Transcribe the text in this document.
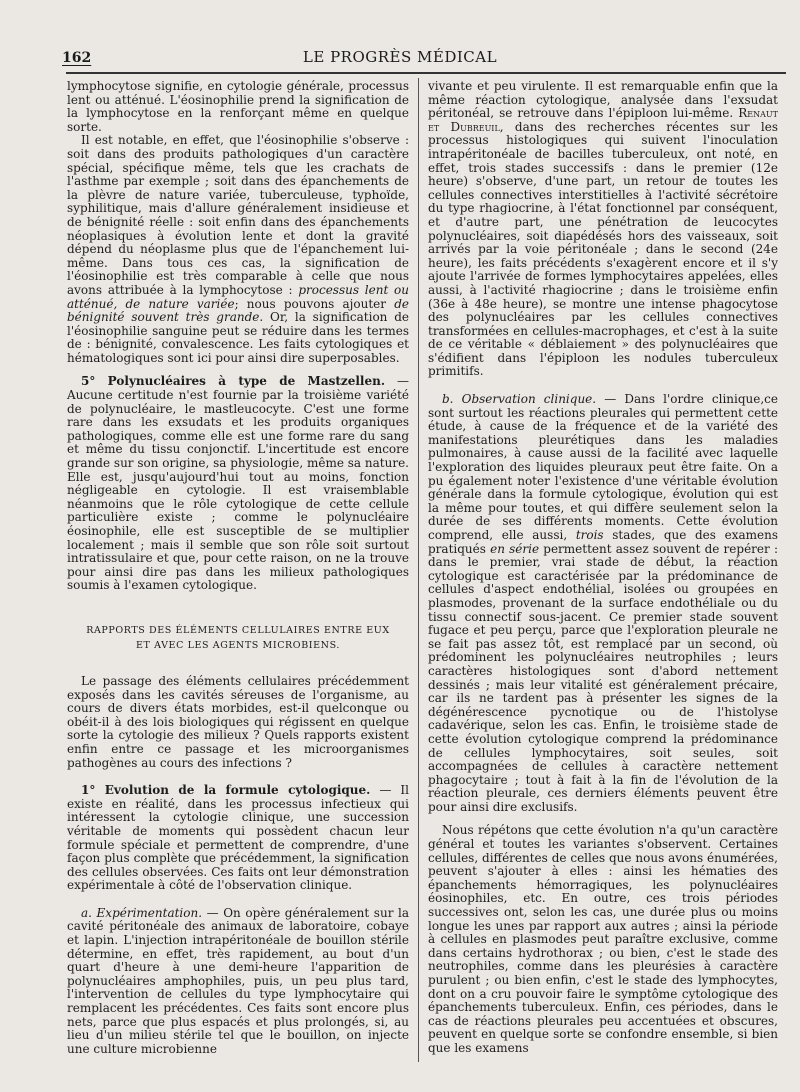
162	LE PROGRÈS MÉDICAL

lymphocytose signifie, en cytologie générale, processus lent ou atténué. L'éosinophilie prend la signification de la lymphocytose en la renforçant même en quelque sorte.

Il est notable, en effet, que l'éosinophilie s'observe : soit dans des produits pathologiques d'un caractère spécial, spécifique même, tels que les crachats de l'asthme par exemple ; soit dans des épanchements de la plèvre de nature variée, tuberculeuse, typhoïde, syphilitique, mais d'allure généralement insidieuse et de bénignité réelle : soit enfin dans des épanchements néoplasiques à évolution lente et dont la gravité dépend du néoplasme plus que de l'épanchement lui-même. Dans tous ces cas, la signification de l'éosinophilie est très comparable à celle que nous avons attribuée à la lymphocytose : processus lent ou atténué, de nature variée; nous pouvons ajouter de bénignité souvent très grande. Or, la signification de l'éosinophilie sanguine peut se réduire dans les termes de : bénignité, convalescence. Les faits cytologiques et hématologiques sont ici pour ainsi dire superposables.

5° Polynucléaires à type de Mastzellen. — Aucune certitude n'est fournie par la troisième variété de polynucléaire, le mastleucocyte. C'est une forme rare dans les exsudats et les produits organiques pathologiques, comme elle est une forme rare du sang et même du tissu conjonctif. L'incertitude est encore grande sur son origine, sa physiologie, même sa nature. Elle est, jusqu'aujourd'hui tout au moins, fonction négligeable en cytologie. Il est vraisemblable néanmoins que le rôle cytologique de cette cellule particulière existe ; comme le polynucléaire éosinophile, elle est susceptible de se multiplier localement ; mais il semble que son rôle soit surtout intratissulaire et que, pour cette raison, on ne la trouve pour ainsi dire pas dans les milieux pathologiques soumis à l'examen cytologique.

RAPPORTS DES ÉLÉMENTS CELLULAIRES ENTRE EUX
ET AVEC LES AGENTS MICROBIENS.

Le passage des éléments cellulaires précédemment exposés dans les cavités séreuses de l'organisme, au cours de divers états morbides, est-il quelconque ou obéit-il à des lois biologiques qui régissent en quelque sorte la cytologie des milieux ? Quels rapports existent enfin entre ce passage et les microorganismes pathogènes au cours des infections ?

1° Evolution de la formule cytologique. — Il existe en réalité, dans les processus infectieux qui intéressent la cytologie clinique, une succession véritable de moments qui possèdent chacun leur formule spéciale et permettent de comprendre, d'une façon plus complète que précédemment, la signification des cellules observées. Ces faits ont leur démonstration expérimentale à côté de l'observation clinique.

a. Expérimentation. — On opère généralement sur la cavité péritonéale des animaux de laboratoire, cobaye et lapin. L'injection intrapéritonéale de bouillon stérile détermine, en effet, très rapidement, au bout d'un quart d'heure à une demi-heure l'apparition de polynucléaires amphophiles, puis, un peu plus tard, l'intervention de cellules du type lymphocytaire qui remplacent les précédentes. Ces faits sont encore plus nets, parce que plus espacés et plus prolongés, si, au lieu d'un milieu stérile tel que le bouillon, on injecte une culture microbienne

vivante et peu virulente. Il est remarquable enfin que la même réaction cytologique, analysée dans l'exsudat péritonéal, se retrouve dans l'épiploon lui-même. Renaut et Dubreuil, dans des recherches récentes sur les processus histologiques qui suivent l'inoculation intrapéritonéale de bacilles tuberculeux, ont noté, en effet, trois stades successifs : dans le premier (12e heure) s'observe, d'une part, un retour de toutes les cellules connectives interstitielles à l'activité sécrétoire du type rhagiocrine, à l'état fonctionnel par conséquent, et d'autre part, une pénétration de leucocytes polynucléaires, soit diapédésés hors des vaisseaux, soit arrivés par la voie péritonéale ; dans le second (24e heure), les faits précédents s'exagèrent encore et il s'y ajoute l'arrivée de formes lymphocytaires appelées, elles aussi, à l'activité rhagiocrine ; dans le troisième enfin (36e à 48e heure), se montre une intense phagocytose des polynucléaires par les cellules connectives transformées en cellules-macrophages, et c'est à la suite de ce véritable « déblaiement » des polynucléaires que s'édifient dans l'épiploon les nodules tuberculeux primitifs.

b. Observation clinique. — Dans l'ordre clinique,ce sont surtout les réactions pleurales qui permettent cette étude, à cause de la fréquence et de la variété des manifestations pleurétiques dans les maladies pulmonaires, à cause aussi de la facilité avec laquelle l'exploration des liquides pleuraux peut être faite. On a pu également noter l'existence d'une véritable évolution générale dans la formule cytologique, évolution qui est la même pour toutes, et qui diffère seulement selon la durée de ses différents moments. Cette évolution comprend, elle aussi, trois stades, que des examens pratiqués en série permettent assez souvent de repérer : dans le premier, vrai stade de début, la réaction cytologique est caractérisée par la prédominance de cellules d'aspect endothélial, isolées ou groupées en plasmodes, provenant de la surface endothéliale ou du tissu connectif sous-jacent. Ce premier stade souvent fugace et peu perçu, parce que l'exploration pleurale ne se fait pas assez tôt, est remplacé par un second, où prédominent les polynucléaires neutrophiles ; leurs caractères histologiques sont d'abord nettement dessinés ; mais leur vitalité est généralement précaire, car ils ne tardent pas à présenter les signes de la dégénérescence pycnotique ou de l'histolyse cadavérique, selon les cas. Enfin, le troisième stade de cette évolution cytologique comprend la prédominance de cellules lymphocytaires, soit seules, soit accompagnées de cellules à caractère nettement phagocytaire ; tout à fait à la fin de l'évolution de la réaction pleurale, ces derniers éléments peuvent être pour ainsi dire exclusifs.

Nous répétons que cette évolution n'a qu'un caractère général et toutes les variantes s'observent. Certaines cellules, différentes de celles que nous avons énumérées, peuvent s'ajouter à elles : ainsi les hématies des épanchements hémorragiques, les polynucléaires éosinophiles, etc. En outre, ces trois périodes successives ont, selon les cas, une durée plus ou moins longue les unes par rapport aux autres ; ainsi la période à cellules en plasmodes peut paraître exclusive, comme dans certains hydrothorax ; ou bien, c'est le stade des neutrophiles, comme dans les pleurésies à caractère purulent ; ou bien enfin, c'est le stade des lymphocytes, dont on a cru pouvoir faire le symptôme cytologique des épanchements tuberculeux. Enfin, ces périodes, dans le cas de réactions pleurales peu accentuées et obscures, peuvent en quelque sorte se confondre ensemble, si bien que les examens
